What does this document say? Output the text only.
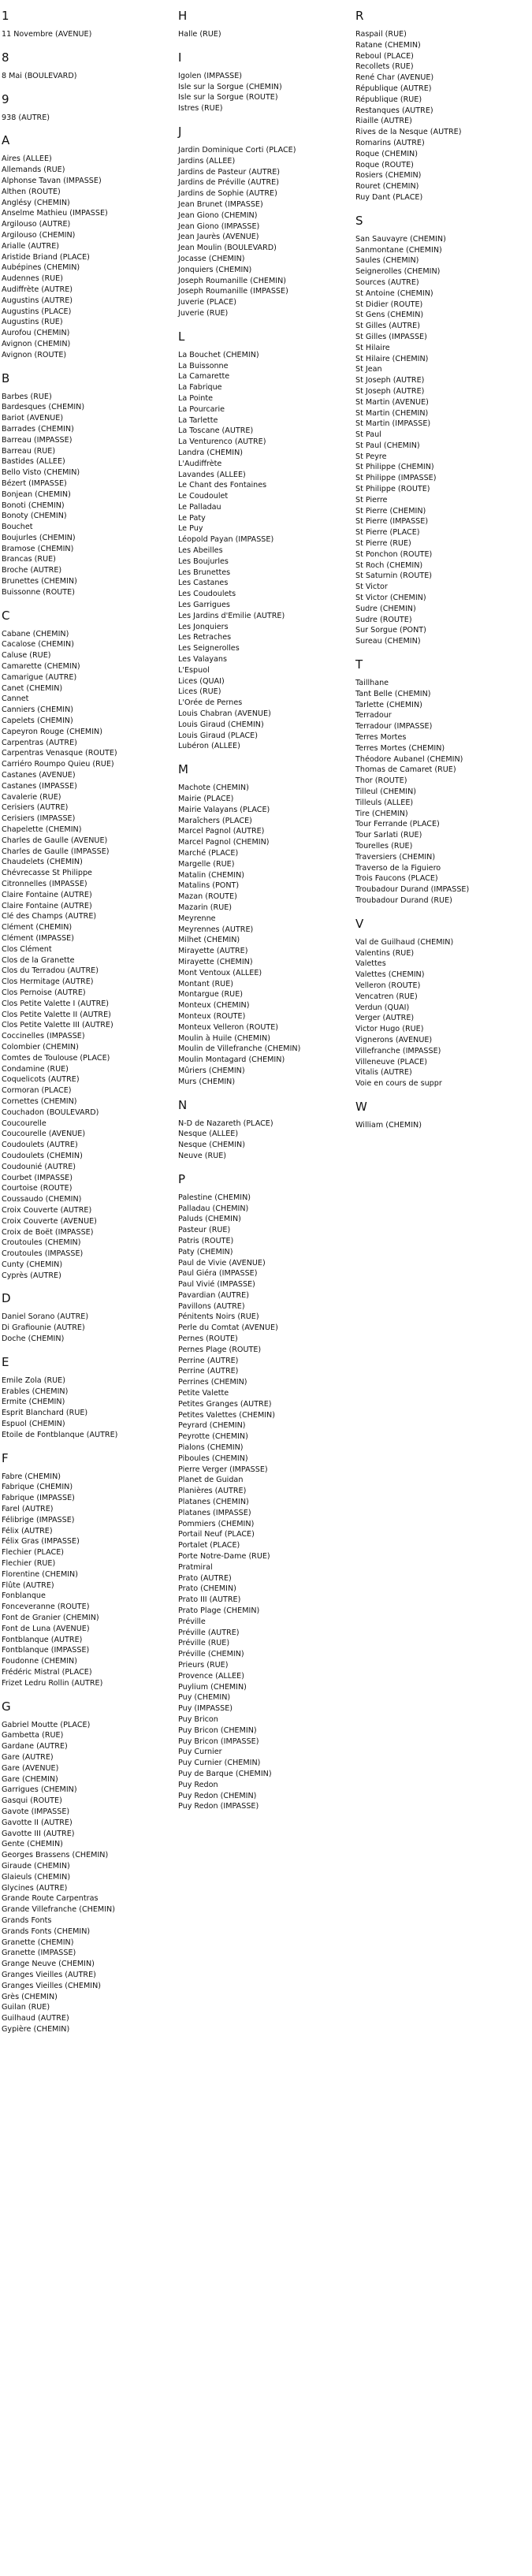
1
11 Novembre (AVENUE)
8
8 Mai (BOULEVARD)
9
938 (AUTRE)
A
Aires (ALLEE)
Allemands (RUE)
Alphonse Tavan (IMPASSE)
Althen (ROUTE)
Anglésy (CHEMIN)
Anselme Mathieu (IMPASSE)
Argilouso (AUTRE)
Argilouso (CHEMIN)
Arialle (AUTRE)
Aristide Briand (PLACE)
Aubépines (CHEMIN)
Audennes (RUE)
Audiffrète (AUTRE)
Augustins (AUTRE)
Augustins (PLACE)
Augustins (RUE)
Aurofou (CHEMIN)
Avignon (CHEMIN)
Avignon (ROUTE)
B
Barbes (RUE)
Bardesques (CHEMIN)
Bariot (AVENUE)
Barrades (CHEMIN)
Barreau (IMPASSE)
Barreau (RUE)
Bastides (ALLEE)
Bello Visto (CHEMIN)
Bézert (IMPASSE)
Bonjean (CHEMIN)
Bonoti (CHEMIN)
Bonoty (CHEMIN)
Bouchet
Boujurles (CHEMIN)
Bramose (CHEMIN)
Brancas (RUE)
Broche (AUTRE)
Brunettes (CHEMIN)
Buissonne (ROUTE)
C
Cabane (CHEMIN)
Cacalose (CHEMIN)
Caluse (RUE)
Camarette (CHEMIN)
Camarigue (AUTRE)
Canet (CHEMIN)
Cannet
Canniers (CHEMIN)
Capelets (CHEMIN)
Capeyron Rouge (CHEMIN)
Carpentras (AUTRE)
Carpentras Venasque (ROUTE)
Carriéro Roumpo Quieu (RUE)
Castanes (AVENUE)
Castanes (IMPASSE)
Cavalerie (RUE)
Cerisiers (AUTRE)
Cerisiers (IMPASSE)
Chapelette (CHEMIN)
Charles de Gaulle (AVENUE)
Charles de Gaulle (IMPASSE)
Chaudelets (CHEMIN)
Chévrecasse St Philippe
Citronnelles (IMPASSE)
Claire Fontaine (AUTRE)
Claire Fontaine (AUTRE)
Clé des Champs (AUTRE)
Clément (CHEMIN)
Clément (IMPASSE)
Clos Clément
Clos de la Granette
Clos du Terradou (AUTRE)
Clos Hermitage (AUTRE)
Clos Pernoise (AUTRE)
Clos Petite Valette I (AUTRE)
Clos Petite Valette II (AUTRE)
Clos Petite Valette III (AUTRE)
Coccinelles (IMPASSE)
Colombier (CHEMIN)
Comtes de Toulouse (PLACE)
Condamine (RUE)
Coquelicots (AUTRE)
Cormoran (PLACE)
Cornettes (CHEMIN)
Couchadon (BOULEVARD)
Coucourelle
Coucourelle (AVENUE)
Coudoulets (AUTRE)
Coudoulets (CHEMIN)
Coudounié (AUTRE)
Courbet (IMPASSE)
Courtoise (ROUTE)
Coussaudo (CHEMIN)
Croix Couverte (AUTRE)
Croix Couverte (AVENUE)
Croix de Boët (IMPASSE)
Croutoules (CHEMIN)
Croutoules (IMPASSE)
Cunty (CHEMIN)
Cyprès (AUTRE)
D
Daniel Sorano (AUTRE)
Di Grafiounie (AUTRE)
Doche (CHEMIN)
E
Emile Zola (RUE)
Erables (CHEMIN)
Ermite (CHEMIN)
Esprit Blanchard (RUE)
Espuol (CHEMIN)
Etoile de Fontblanque (AUTRE)
F
Fabre (CHEMIN)
Fabrique (CHEMIN)
Fabrique (IMPASSE)
Farel (AUTRE)
Félibrige (IMPASSE)
Félix (AUTRE)
Félix Gras (IMPASSE)
Flechier (PLACE)
Flechier (RUE)
Florentine (CHEMIN)
Flûte (AUTRE)
Fonblanque
Fonceveranne (ROUTE)
Font de Granier (CHEMIN)
Font de Luna (AVENUE)
Fontblanque (AUTRE)
Fontblanque (IMPASSE)
Foudonne (CHEMIN)
Frédéric Mistral (PLACE)
Frizet Ledru Rollin (AUTRE)
G
Gabriel Moutte (PLACE)
Gambetta (RUE)
Gardane (AUTRE)
Gare (AUTRE)
Gare (AVENUE)
Gare (CHEMIN)
Garrigues (CHEMIN)
Gasqui (ROUTE)
Gavote (IMPASSE)
Gavotte II (AUTRE)
Gavotte III (AUTRE)
Gente (CHEMIN)
Georges Brassens (CHEMIN)
Giraude (CHEMIN)
Glaieuls (CHEMIN)
Glycines (AUTRE)
Grande Route Carpentras
Grande Villefranche (CHEMIN)
Grands Fonts
Grands Fonts (CHEMIN)
Granette (CHEMIN)
Granette (IMPASSE)
Grange Neuve (CHEMIN)
Granges Vieilles (AUTRE)
Granges Vieilles (CHEMIN)
Grès (CHEMIN)
Guilan (RUE)
Guilhaud (AUTRE)
Gypière (CHEMIN)
H
Halle (RUE)
I
Igolen (IMPASSE)
Isle sur la Sorgue (CHEMIN)
Isle sur la Sorgue (ROUTE)
Istres (RUE)
J
Jardin Dominique Corti (PLACE)
Jardins (ALLEE)
Jardins de Pasteur (AUTRE)
Jardins de Préville (AUTRE)
Jardins de Sophie (AUTRE)
Jean Brunet (IMPASSE)
Jean Giono (CHEMIN)
Jean Giono (IMPASSE)
Jean Jaurès (AVENUE)
Jean Moulin (BOULEVARD)
Jocasse (CHEMIN)
Jonquiers (CHEMIN)
Joseph Roumanille (CHEMIN)
Joseph Roumanille (IMPASSE)
Juverie (PLACE)
Juverie (RUE)
L
La Bouchet (CHEMIN)
La Buissonne
La Camarette
La Fabrique
La Pointe
La Pourcarie
La Tarlette
La Toscane (AUTRE)
La Venturenco (AUTRE)
Landra (CHEMIN)
L'Audiffrète
Lavandes (ALLEE)
Le Chant des Fontaines
Le Coudoulet
Le Palladau
Le Paty
Le Puy
Léopold Payan (IMPASSE)
Les Abeilles
Les Boujurles
Les Brunettes
Les Castanes
Les Coudoulets
Les Garrigues
Les Jardins d'Emilie (AUTRE)
Les Jonquiers
Les Retraches
Les Seignerolles
Les Valayans
L'Espuol
Lices (QUAI)
Lices (RUE)
L'Orée de Pernes
Louis Chabran (AVENUE)
Louis Giraud (CHEMIN)
Louis Giraud (PLACE)
Lubéron (ALLEE)
M
Machote (CHEMIN)
Mairie (PLACE)
Mairie Valayans (PLACE)
Maraîchers (PLACE)
Marcel Pagnol (AUTRE)
Marcel Pagnol (CHEMIN)
Marché (PLACE)
Margelle (RUE)
Matalin (CHEMIN)
Matalins (PONT)
Mazan (ROUTE)
Mazarin (RUE)
Meyrenne
Meyrennes (AUTRE)
Milhet (CHEMIN)
Mirayette (AUTRE)
Mirayette (CHEMIN)
Mont Ventoux (ALLEE)
Montant (RUE)
Montargue (RUE)
Monteux (CHEMIN)
Monteux (ROUTE)
Monteux Velleron (ROUTE)
Moulin à Huile (CHEMIN)
Moulin de Villefranche (CHEMIN)
Moulin Montagard (CHEMIN)
Mûriers (CHEMIN)
Murs (CHEMIN)
N
N-D de Nazareth (PLACE)
Nesque (ALLEE)
Nesque (CHEMIN)
Neuve (RUE)
P
Palestine (CHEMIN)
Palladau (CHEMIN)
Paluds (CHEMIN)
Pasteur (RUE)
Patris (ROUTE)
Paty (CHEMIN)
Paul de Vivie (AVENUE)
Paul Giéra (IMPASSE)
Paul Vivié (IMPASSE)
Pavardian (AUTRE)
Pavillons (AUTRE)
Pénitents Noirs (RUE)
Perle du Comtat (AVENUE)
Pernes (ROUTE)
Pernes Plage (ROUTE)
Perrine (AUTRE)
Perrine (AUTRE)
Perrines (CHEMIN)
Petite Valette
Petites Granges (AUTRE)
Petites Valettes (CHEMIN)
Peyrard (CHEMIN)
Peyrotte (CHEMIN)
Pialons (CHEMIN)
Piboules (CHEMIN)
Pierre Verger (IMPASSE)
Planet de Guidan
Planières (AUTRE)
Platanes (CHEMIN)
Platanes (IMPASSE)
Pommiers (CHEMIN)
Portail Neuf (PLACE)
Portalet (PLACE)
Porte Notre-Dame (RUE)
Pratmiral
Prato (AUTRE)
Prato (CHEMIN)
Prato III (AUTRE)
Prato Plage (CHEMIN)
Préville
Préville (AUTRE)
Préville (RUE)
Préville (CHEMIN)
Prieurs (RUE)
Provence (ALLEE)
Puylium (CHEMIN)
Puy (CHEMIN)
Puy (IMPASSE)
Puy Bricon
Puy Bricon (CHEMIN)
Puy Bricon (IMPASSE)
Puy Curnier
Puy Curnier (CHEMIN)
Puy de Barque (CHEMIN)
Puy Redon
Puy Redon (CHEMIN)
Puy Redon (IMPASSE)
R
Raspail (RUE)
Ratane (CHEMIN)
Reboul (PLACE)
Recollets (RUE)
René Char (AVENUE)
République (AUTRE)
République (RUE)
Restanques (AUTRE)
Riaille (AUTRE)
Rives de la Nesque (AUTRE)
Romarins (AUTRE)
Roque (CHEMIN)
Roque (ROUTE)
Rosiers (CHEMIN)
Rouret (CHEMIN)
Ruy Dant (PLACE)
S
San Sauvayre (CHEMIN)
Sanmontane (CHEMIN)
Saules (CHEMIN)
Seignerolles (CHEMIN)
Sources (AUTRE)
St Antoine (CHEMIN)
St Didier (ROUTE)
St Gens (CHEMIN)
St Gilles (AUTRE)
St Gilles (IMPASSE)
St Hilaire
St Hilaire (CHEMIN)
St Jean
St Joseph (AUTRE)
St Joseph (AUTRE)
St Martin (AVENUE)
St Martin (CHEMIN)
St Martin (IMPASSE)
St Paul
St Paul (CHEMIN)
St Peyre
St Philippe (CHEMIN)
St Philippe (IMPASSE)
St Philippe (ROUTE)
St Pierre
St Pierre (CHEMIN)
St Pierre (IMPASSE)
St Pierre (PLACE)
St Pierre (RUE)
St Ponchon (ROUTE)
St Roch (CHEMIN)
St Saturnin (ROUTE)
St Victor
St Victor (CHEMIN)
Sudre (CHEMIN)
Sudre (ROUTE)
Sur Sorgue (PONT)
Sureau (CHEMIN)
T
Taillhane
Tant Belle (CHEMIN)
Tarlette (CHEMIN)
Terradour
Terradour (IMPASSE)
Terres Mortes
Terres Mortes (CHEMIN)
Théodore Aubanel (CHEMIN)
Thomas de Camaret (RUE)
Thor (ROUTE)
Tilleul (CHEMIN)
Tilleuls (ALLEE)
Tire (CHEMIN)
Tour Ferrande (PLACE)
Tour Sarlati (RUE)
Tourelles (RUE)
Traversiers (CHEMIN)
Traverso de la Figuiero
Trois Faucons (PLACE)
Troubadour Durand (IMPASSE)
Troubadour Durand (RUE)
V
Val de Guilhaud (CHEMIN)
Valentins (RUE)
Valettes
Valettes (CHEMIN)
Velleron (ROUTE)
Vencatren (RUE)
Verdun (QUAI)
Verger (AUTRE)
Victor Hugo (RUE)
Vignerons (AVENUE)
Villefranche (IMPASSE)
Villeneuve (PLACE)
Vitalis (AUTRE)
Voie en cours de suppr
W
William (CHEMIN)
